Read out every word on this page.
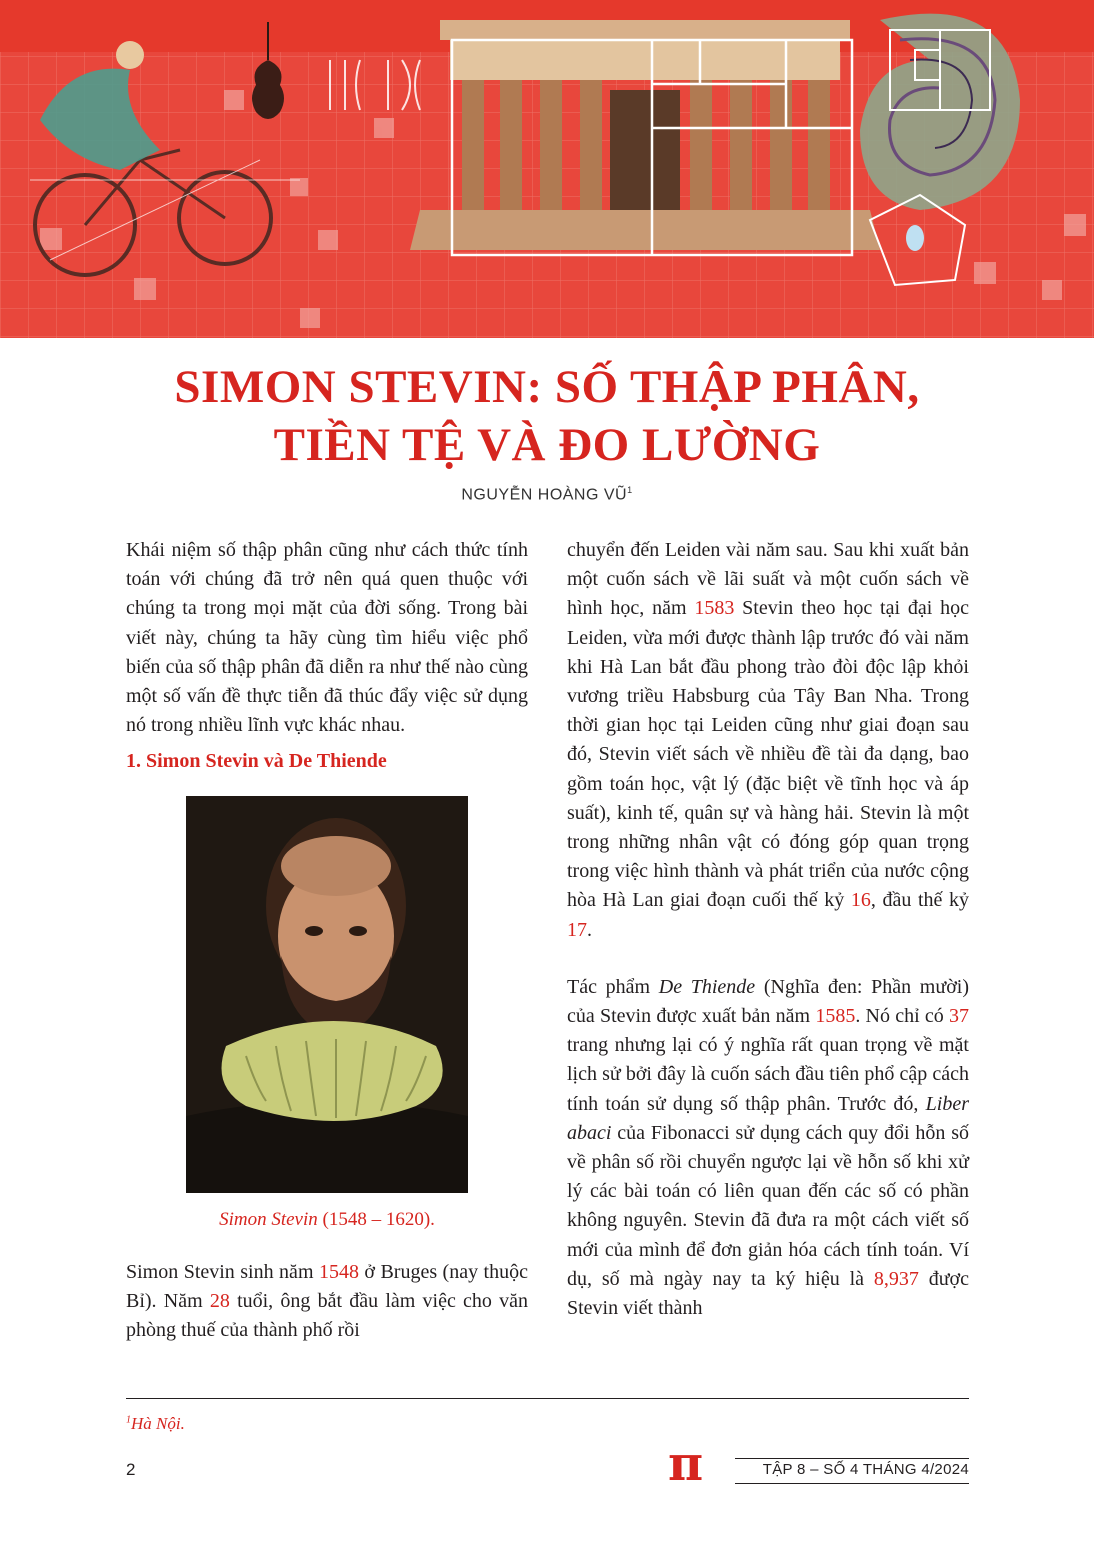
SIMON STEVIN: SỐ THẬP PHÂN,
TIỀN TỆ VÀ ĐO LƯỜNG
NGUYỄN HOÀNG $VŨ^1$

Khái niệm số thập phân cũng như cách thức tính toán với chúng đã trở nên quá quen thuộc với chúng ta trong mọi mặt của đời sống. Trong bài viết này, chúng ta hãy cùng tìm hiểu việc phổ biến của số thập phân đã diễn ra như thế nào cùng một số vấn đề thực tiễn đã thúc đẩy việc sử dụng nó trong nhiều lĩnh vực khác nhau.

1. Simon Stevin và De Thiende

Simon Stevin (1548 – 1620).

Simon Stevin sinh năm 1548 ở Bruges (nay thuộc Bỉ). Năm 28 tuổi, ông bắt đầu làm việc cho văn phòng thuế của thành phố rồi

chuyển đến Leiden vài năm sau. Sau khi xuất bản một cuốn sách về lãi suất và một cuốn sách về hình học, năm 1583 Stevin theo học tại đại học Leiden, vừa mới được thành lập trước đó vài năm khi Hà Lan bắt đầu phong trào đòi độc lập khỏi vương triều Habsburg của Tây Ban Nha. Trong thời gian học tại Leiden cũng như giai đoạn sau đó, Stevin viết sách về nhiều đề tài đa dạng, bao gồm toán học, vật lý (đặc biệt về tĩnh học và áp suất), kinh tế, quân sự và hàng hải. Stevin là một trong những nhân vật có đóng góp quan trọng trong việc hình thành và phát triển của nước cộng hòa Hà Lan giai đoạn cuối thế kỷ 16, đầu thế kỷ 17.

Tác phẩm De Thiende (Nghĩa đen: Phần mười) của Stevin được xuất bản năm 1585. Nó chỉ có 37 trang nhưng lại có ý nghĩa rất quan trọng về mặt lịch sử bởi đây là cuốn sách đầu tiên phổ cập cách tính toán sử dụng số thập phân. Trước đó, Liber abaci của Fibonacci sử dụng cách quy đổi hỗn số về phân số rồi chuyển ngược lại về hỗn số khi xử lý các bài toán có liên quan đến các số có phần không nguyên. Stevin đã đưa ra một cách viết số mới của mình để đơn giản hóa cách tính toán. Ví dụ, số mà ngày nay ta ký hiệu là 8,937 được Stevin viết thành

$^1$Hà Nội.
2	π	TẬP 8 – SỐ 4 THÁNG 4/2024
